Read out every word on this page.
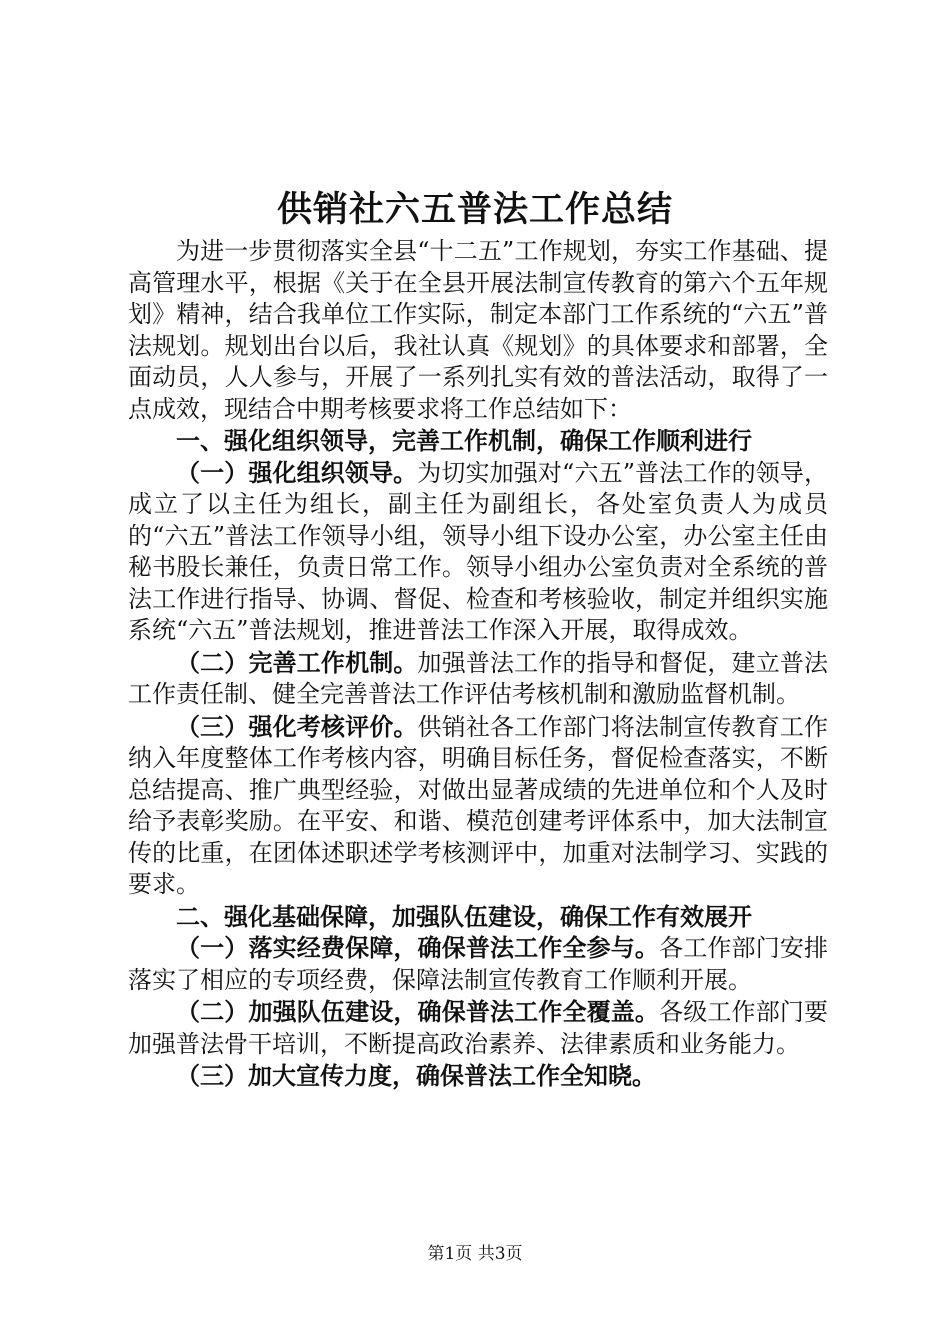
供销社六五普法工作总结

为进一步贯彻落实全县“十二五”工作规划，夯实工作基础、提高管理水平，根据《关于在全县开展法制宣传教育的第六个五年规划》精神，结合我单位工作实际，制定本部门工作系统的“六五”普法规划。规划出台以后，我社认真《规划》的具体要求和部署，全面动员，人人参与，开展了一系列扎实有效的普法活动，取得了一点成效，现结合中期考核要求将工作总结如下：

一、强化组织领导，完善工作机制，确保工作顺利进行

（一）强化组织领导。为切实加强对“六五”普法工作的领导，成立了以主任为组长，副主任为副组长，各处室负责人为成员的“六五”普法工作领导小组，领导小组下设办公室，办公室主任由秘书股长兼任，负责日常工作。领导小组办公室负责对全系统的普法工作进行指导、协调、督促、检查和考核验收，制定并组织实施系统“六五”普法规划，推进普法工作深入开展，取得成效。

（二）完善工作机制。加强普法工作的指导和督促，建立普法工作责任制、健全完善普法工作评估考核机制和激励监督机制。

（三）强化考核评价。供销社各工作部门将法制宣传教育工作纳入年度整体工作考核内容，明确目标任务，督促检查落实，不断总结提高、推广典型经验，对做出显著成绩的先进单位和个人及时给予表彰奖励。在平安、和谐、模范创建考评体系中，加大法制宣传的比重，在团体述职述学考核测评中，加重对法制学习、实践的要求。

二、强化基础保障，加强队伍建设，确保工作有效展开

（一）落实经费保障，确保普法工作全参与。各工作部门安排落实了相应的专项经费，保障法制宣传教育工作顺利开展。

（二）加强队伍建设，确保普法工作全覆盖。各级工作部门要加强普法骨干培训，不断提高政治素养、法律素质和业务能力。

（三）加大宣传力度，确保普法工作全知晓。

第1页 共3页
